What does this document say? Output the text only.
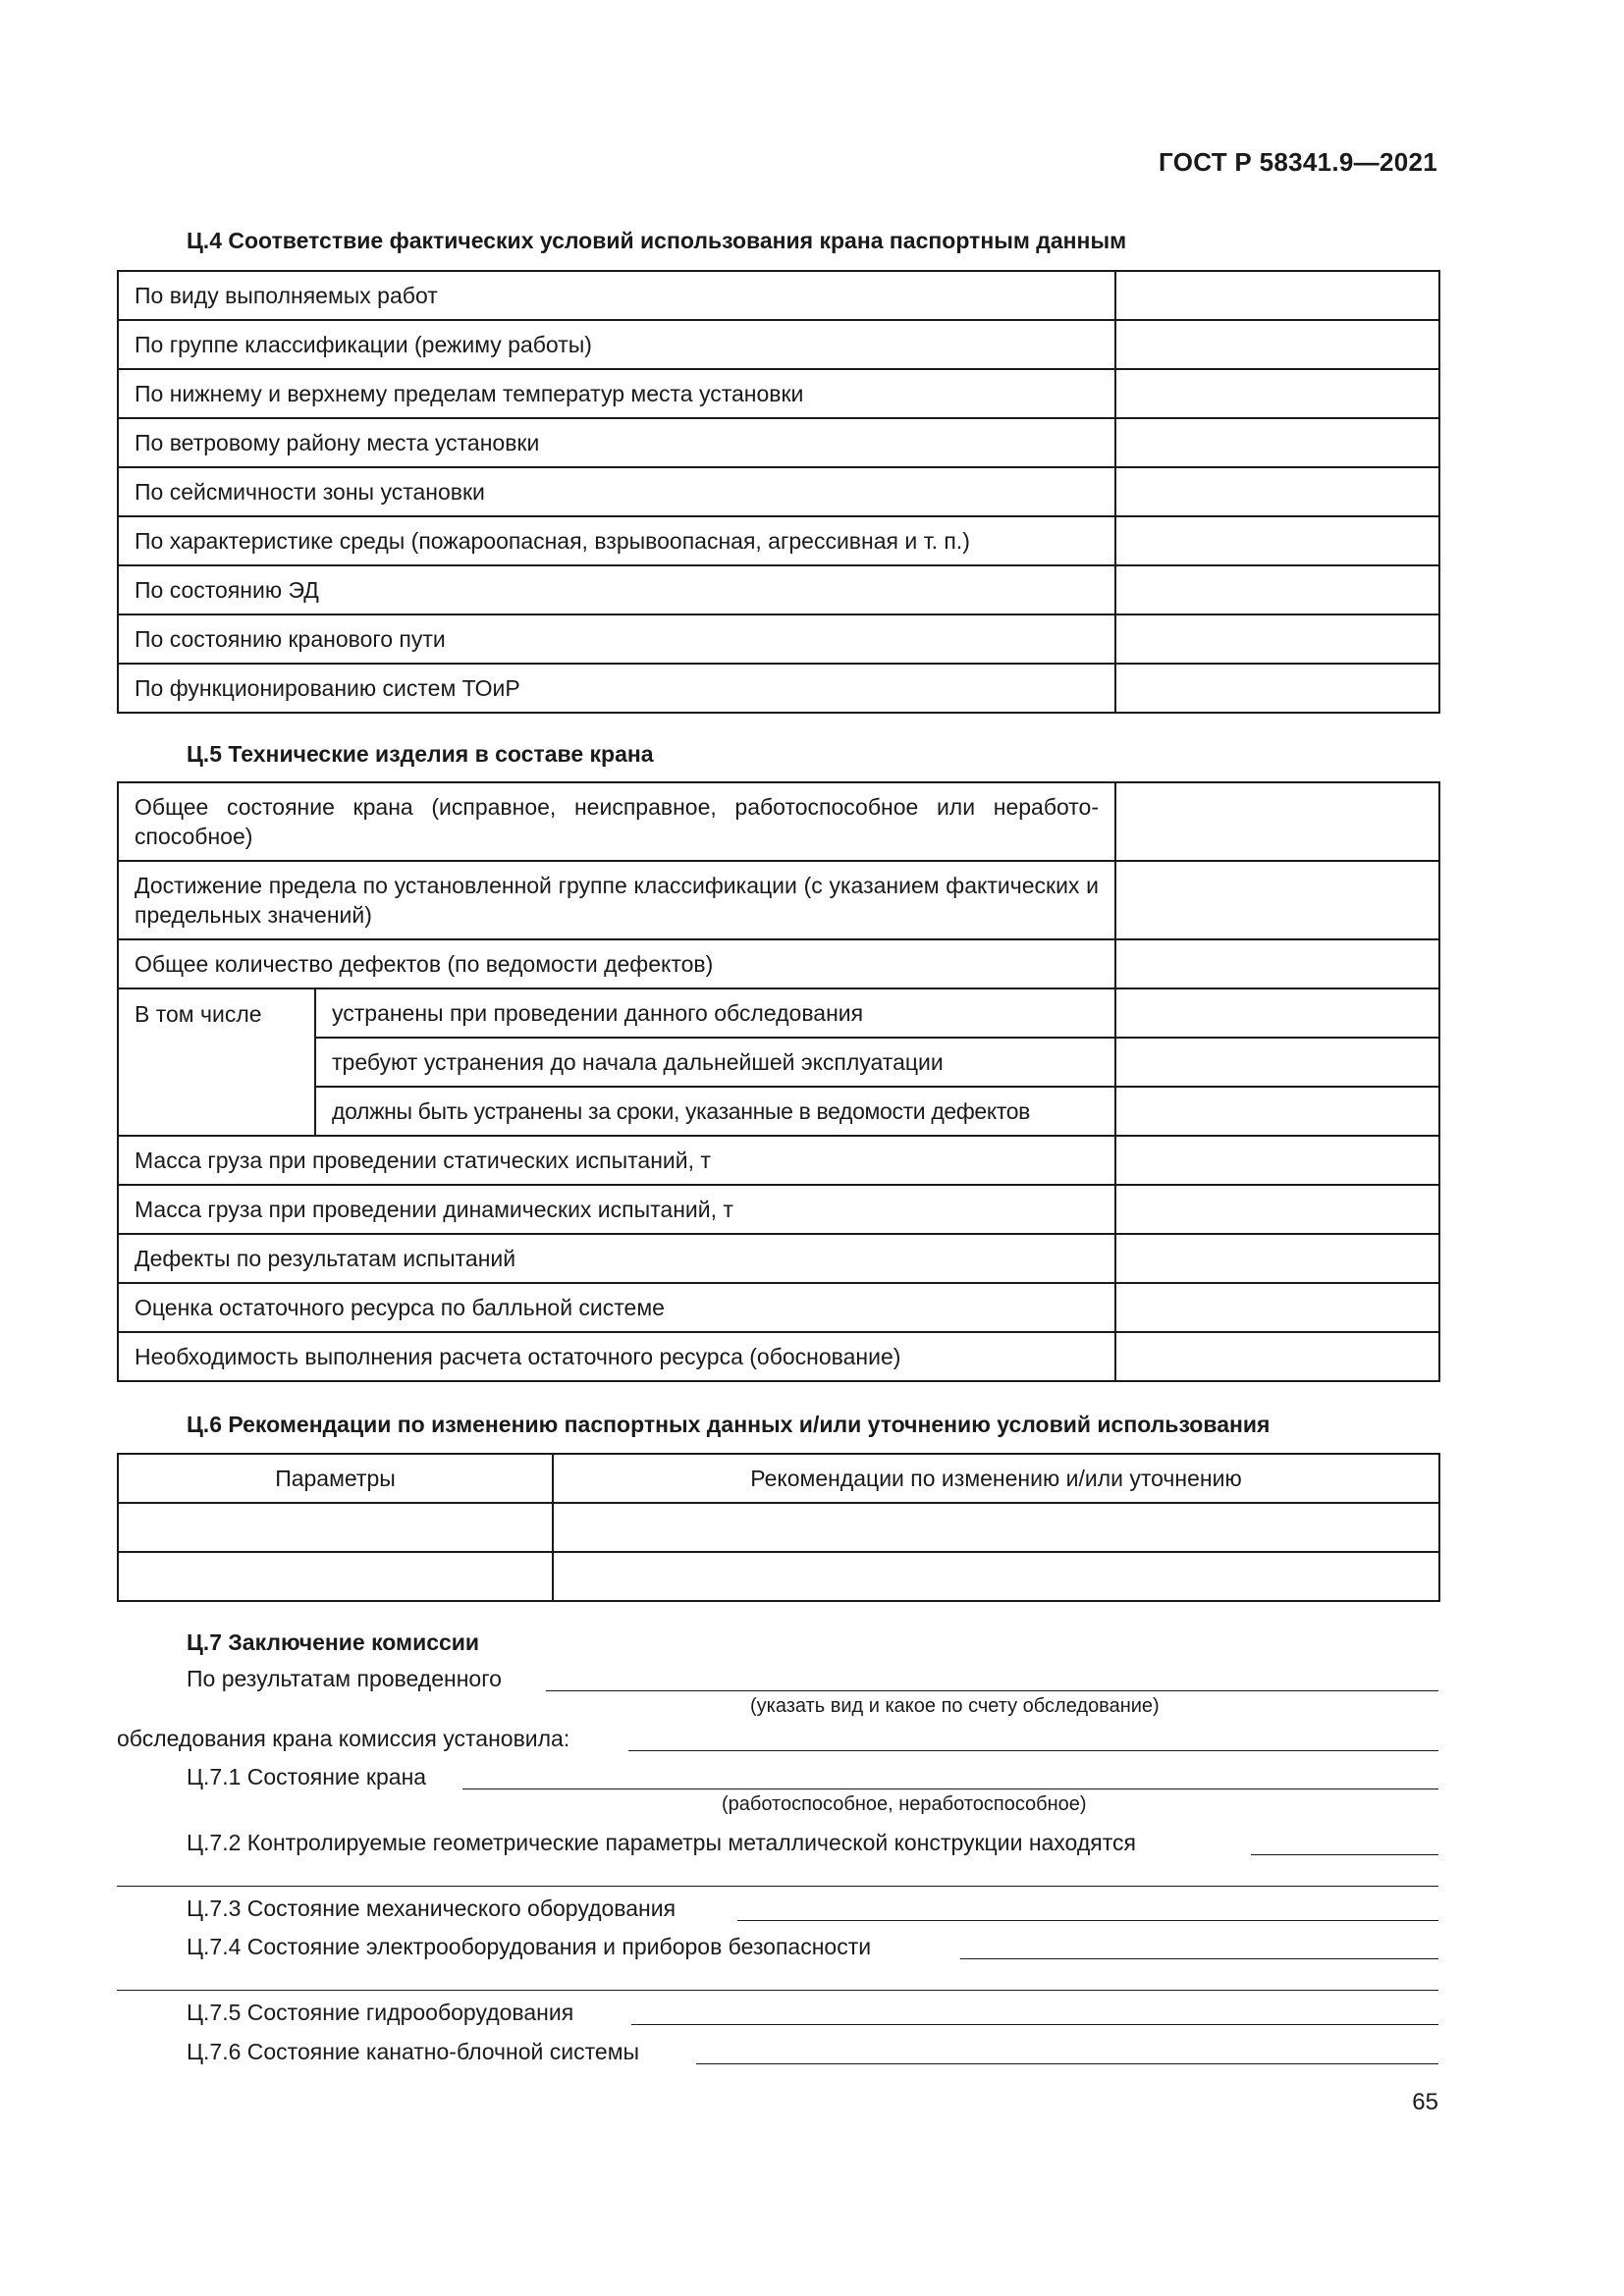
ГОСТ Р 58341.9—2021
Ц.4 Соответствие фактических условий использования крана паспортным данным
По виду выполняемых работ	
По группе классификации (режиму работы)	
По нижнему и верхнему пределам температур места установки	
По ветровому району места установки	
По сейсмичности зоны установки	
По характеристике среды (пожароопасная, взрывоопасная, агрессивная и т. п.)	
По состоянию ЭД	
По состоянию кранового пути	
По функционированию систем ТОиР	
Ц.5 Технические изделия в составе крана
Общее состояние крана (исправное, неисправное, работоспособное или неработо-способное)		
Достижение предела по установленной группе классификации (с указанием фактических и предельных значений)		
Общее количество дефектов (по ведомости дефектов)		
В том числе	устранены при проведении данного обследования	
	требуют устранения до начала дальнейшей эксплуатации	
	должны быть устранены за сроки, указанные в ведомости дефектов	
Масса груза при проведении статических испытаний, т		
Масса груза при проведении динамических испытаний, т		
Дефекты по результатам испытаний		
Оценка остаточного ресурса по балльной системе		
Необходимость выполнения расчета остаточного ресурса (обоснование)		
Ц.6 Рекомендации по изменению паспортных данных и/или уточнению условий использования
Параметры	Рекомендации по изменению и/или уточнению

Ц.7 Заключение комиссии
По результатам проведенного
(указать вид и какое по счету обследование)
обследования крана комиссия установила:
Ц.7.1 Состояние крана
(работоспособное, неработоспособное)
Ц.7.2 Контролируемые геометрические параметры металлической конструкции находятся
Ц.7.3 Состояние механического оборудования
Ц.7.4 Состояние электрооборудования и приборов безопасности
Ц.7.5 Состояние гидрооборудования
Ц.7.6 Состояние канатно-блочной системы
65
